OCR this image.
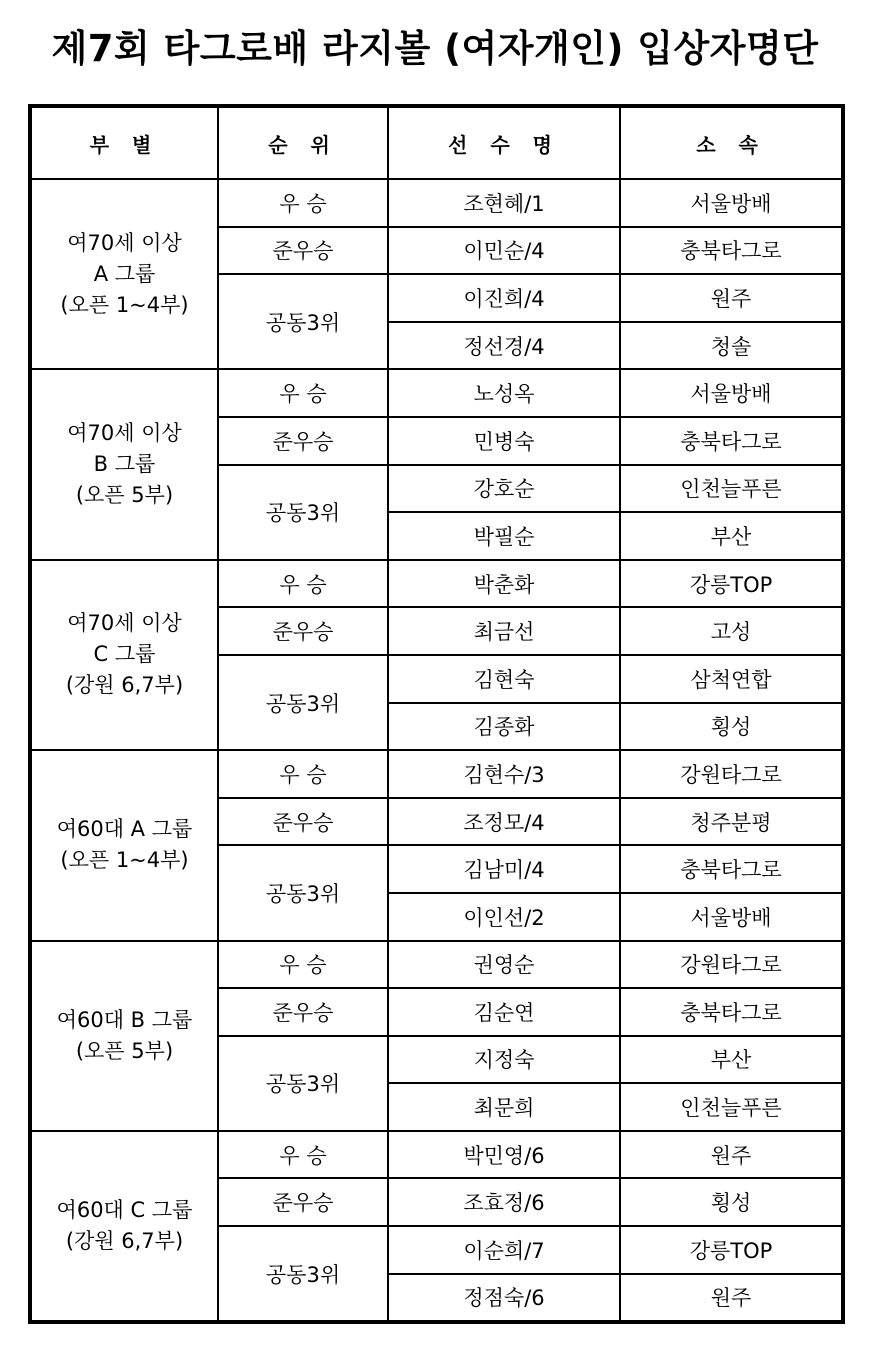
제7회 타그로배 라지볼 (여자개인) 입상자명단
부 별	순 위	선 수 명	소 속
여70세 이상
A 그룹
(오픈 1~4부)	우 승	조현혜/1	서울방배
	준우승	이민순/4	충북타그로
	공동3위	이진희/4	원주
		정선경/4	청솔
여70세 이상
B 그룹
(오픈 5부)	우 승	노성옥	서울방배
	준우승	민병숙	충북타그로
	공동3위	강호순	인천늘푸른
		박필순	부산
여70세 이상
C 그룹
(강원 6,7부)	우 승	박춘화	강릉TOP
	준우승	최금선	고성
	공동3위	김현숙	삼척연합
		김종화	횡성
여60대 A 그룹
(오픈 1~4부)	우 승	김현수/3	강원타그로
	준우승	조정모/4	청주분평
	공동3위	김남미/4	충북타그로
		이인선/2	서울방배
여60대 B 그룹
(오픈 5부)	우 승	권영순	강원타그로
	준우승	김순연	충북타그로
	공동3위	지정숙	부산
		최문희	인천늘푸른
여60대 C 그룹
(강원 6,7부)	우 승	박민영/6	원주
	준우승	조효정/6	횡성
	공동3위	이순희/7	강릉TOP
		정점숙/6	원주
